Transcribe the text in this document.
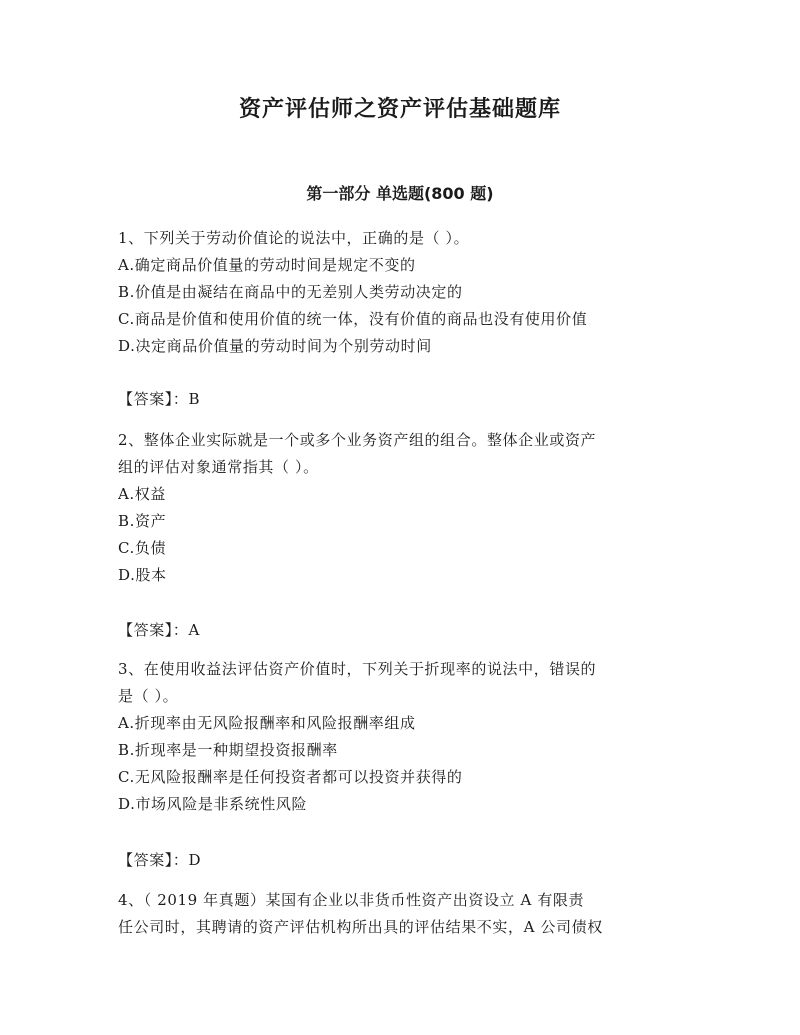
资产评估师之资产评估基础题库
第一部分 单选题(800 题)
1、下列关于劳动价值论的说法中，正确的是（ ）。
A.确定商品价值量的劳动时间是规定不变的
B.价值是由凝结在商品中的无差别人类劳动决定的
C.商品是价值和使用价值的统一体，没有价值的商品也没有使用价值
D.决定商品价值量的劳动时间为个别劳动时间
【答案】：B
2、整体企业实际就是一个或多个业务资产组的组合。整体企业或资产
组的评估对象通常指其（ ）。
A.权益
B.资产
C.负债
D.股本
【答案】：A
3、在使用收益法评估资产价值时，下列关于折现率的说法中，错误的
是（ ）。
A.折现率由无风险报酬率和风险报酬率组成
B.折现率是一种期望投资报酬率
C.无风险报酬率是任何投资者都可以投资并获得的
D.市场风险是非系统性风险
【答案】：D
4、（ 2019 年真题）某国有企业以非货币性资产出资设立 A 有限责
任公司时，其聘请的资产评估机构所出具的评估结果不实，A 公司债权
